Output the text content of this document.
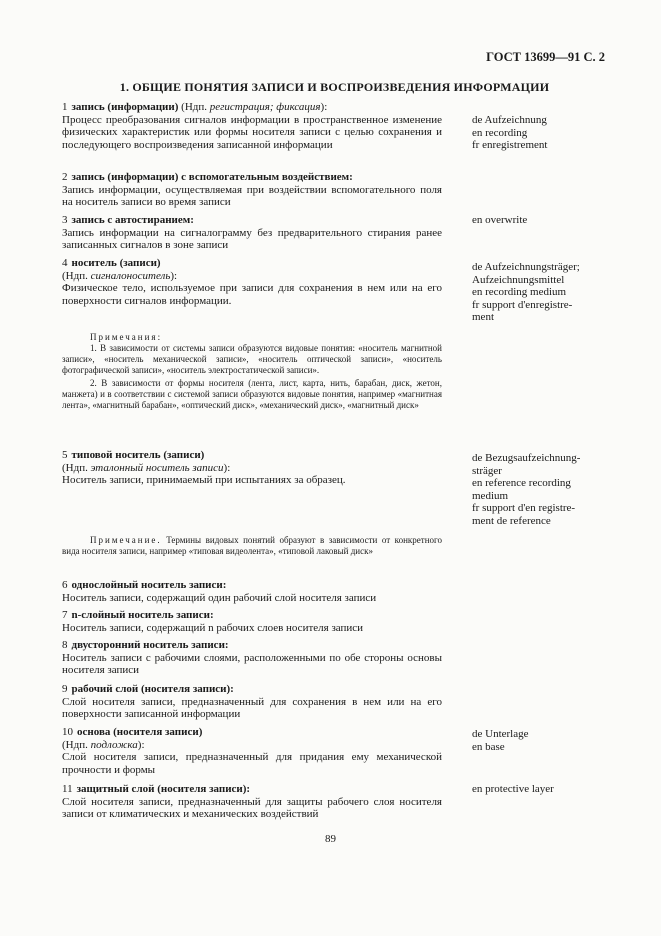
ГОСТ 13699—91 С. 2
1. ОБЩИЕ ПОНЯТИЯ ЗАПИСИ И ВОСПРОИЗВЕДЕНИЯ ИНФОРМАЦИИ
1 запись (информации) (Ндп. регистрация; фиксация):
Процесс преобразования сигналов информации в пространственное изменение физических характеристик или формы носителя записи с целью сохранения и последующего воспроизведения записанной информации
de Aufzeichnung
en recording
fr enregistrement
2 запись (информации) с вспомогательным воздействием:
Запись информации, осуществляемая при воздействии вспомогательного поля на носитель записи во время записи
3 запись с автостиранием:
Запись информации на сигналограмму без предварительного стирания ранее записанных сигналов в зоне записи
en overwrite
4 носитель (записи)
(Ндп. сигналоноситель):
Физическое тело, используемое при записи для сохранения в нем или на его поверхности сигналов информации.
de Aufzeichnungsträger;
Aufzeichnungsmittel
en recording medium
fr support d'enregistre-
ment
Примечания:
1. В зависимости от системы записи образуются видовые понятия: «носитель магнитной записи», «носитель механической записи», «носитель оптической записи», «носитель фотографической записи», «носитель электростатической записи».
2. В зависимости от формы носителя (лента, лист, карта, нить, барабан, диск, жетон, манжета) и в соответствии с системой записи образуются видовые понятия, например «магнитная лента», «магнитный барабан», «оптический диск», «механический диск», «магнитный диск»
5 типовой носитель (записи)
(Ндп. эталонный носитель записи):
Носитель записи, принимаемый при испытаниях за образец.
de Bezugsaufzeichnung-
sträger
en reference recording
medium
fr support d'en registre-
ment de reference
Примечание. Термины видовых понятий образуют в зависимости от конкретного вида носителя записи, например «типовая видеолента», «типовой лаковый диск»
6 однослойный носитель записи:
Носитель записи, содержащий один рабочий слой носителя записи
7 n-слойный носитель записи:
Носитель записи, содержащий n рабочих слоев носителя записи
8 двусторонний носитель записи:
Носитель записи с рабочими слоями, расположенными по обе стороны основы носителя записи
9 рабочий слой (носителя записи):
Слой носителя записи, предназначенный для сохранения в нем или на его поверхности записанной информации
10 основа (носителя записи)
(Ндп. подложка):
Слой носителя записи, предназначенный для придания ему механической прочности и формы
de Unterlage
en base
11 защитный слой (носителя записи):
Слой носителя записи, предназначенный для защиты рабочего слоя носителя записи от климатических и механических воздействий
en protective layer
89
